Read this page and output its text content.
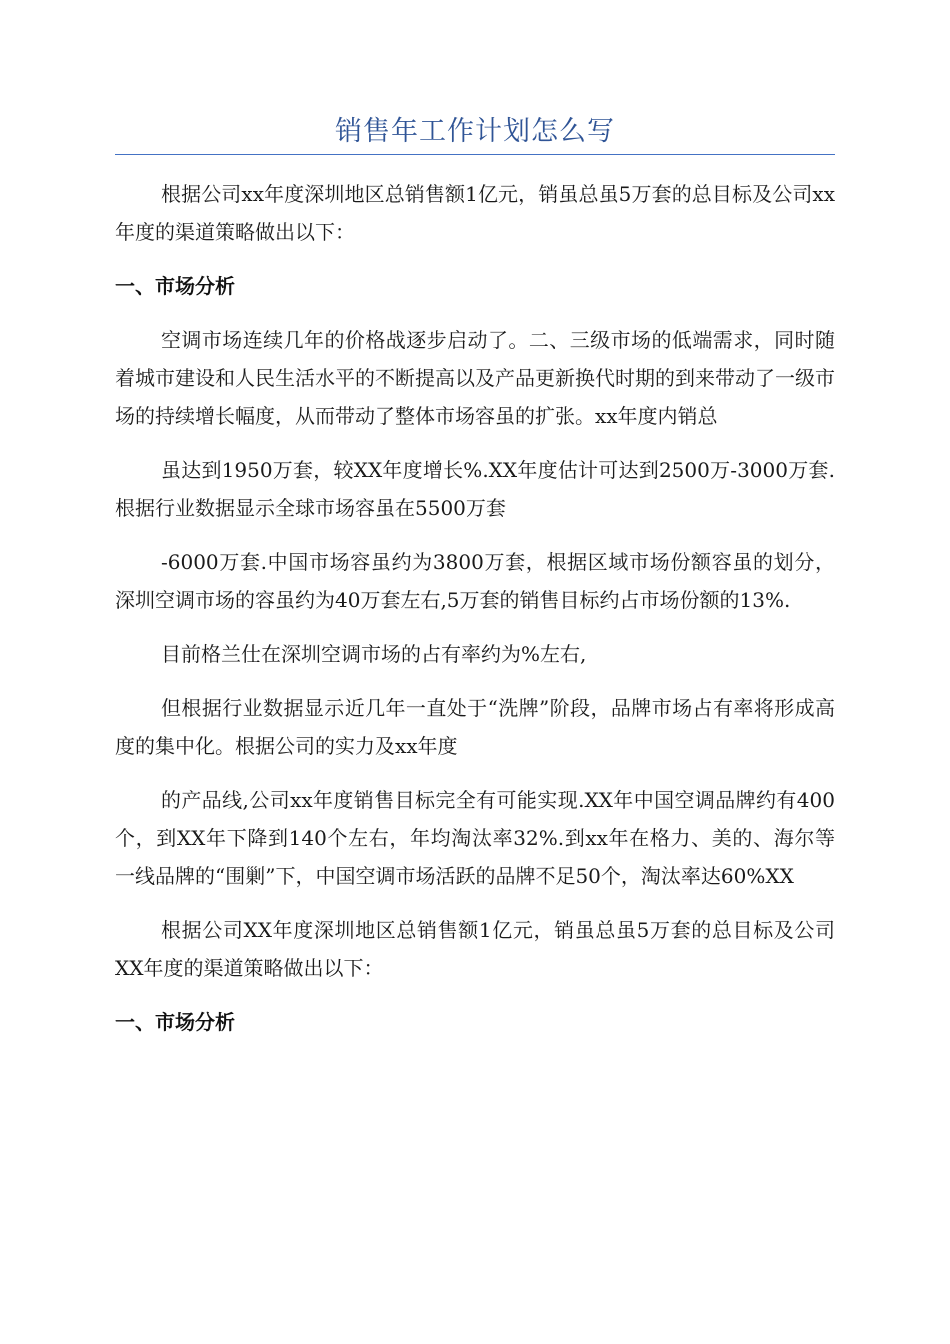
销售年工作计划怎么写

根据公司xx年度深圳地区总销售额1亿元，销虽总虽5万套的总目标及公司xx年度的渠道策略做出以下：

一、市场分析

空调市场连续几年的价格战逐步启动了。二、三级市场的低端需求，同时随着城市建设和人民生活水平的不断提高以及产品更新换代时期的到来带动了一级市场的持续增长幅度，从而带动了整体市场容虽的扩张。xx年度内销总

虽达到1950万套，较XX年度增长%.XX年度估计可达到2500万-3000万套.根据行业数据显示全球市场容虽在5500万套

-6000万套.中国市场容虽约为3800万套，根据区域市场份额容虽的划分，深圳空调市场的容虽约为40万套左右,5万套的销售目标约占市场份额的13%.

目前格兰仕在深圳空调市场的占有率约为%左右,

但根据行业数据显示近几年一直处于“洗牌”阶段，品牌市场占有率将形成高度的集中化。根据公司的实力及xx年度

的产品线,公司xx年度销售目标完全有可能实现.XX年中国空调品牌约有400个，到XX年下降到140个左右，年均淘汰率32%.到xx年在格力、美的、海尔等一线品牌的“围剿”下，中国空调市场活跃的品牌不足50个，淘汰率达60%XX

根据公司XX年度深圳地区总销售额1亿元，销虽总虽5万套的总目标及公司XX年度的渠道策略做出以下：

一、市场分析
